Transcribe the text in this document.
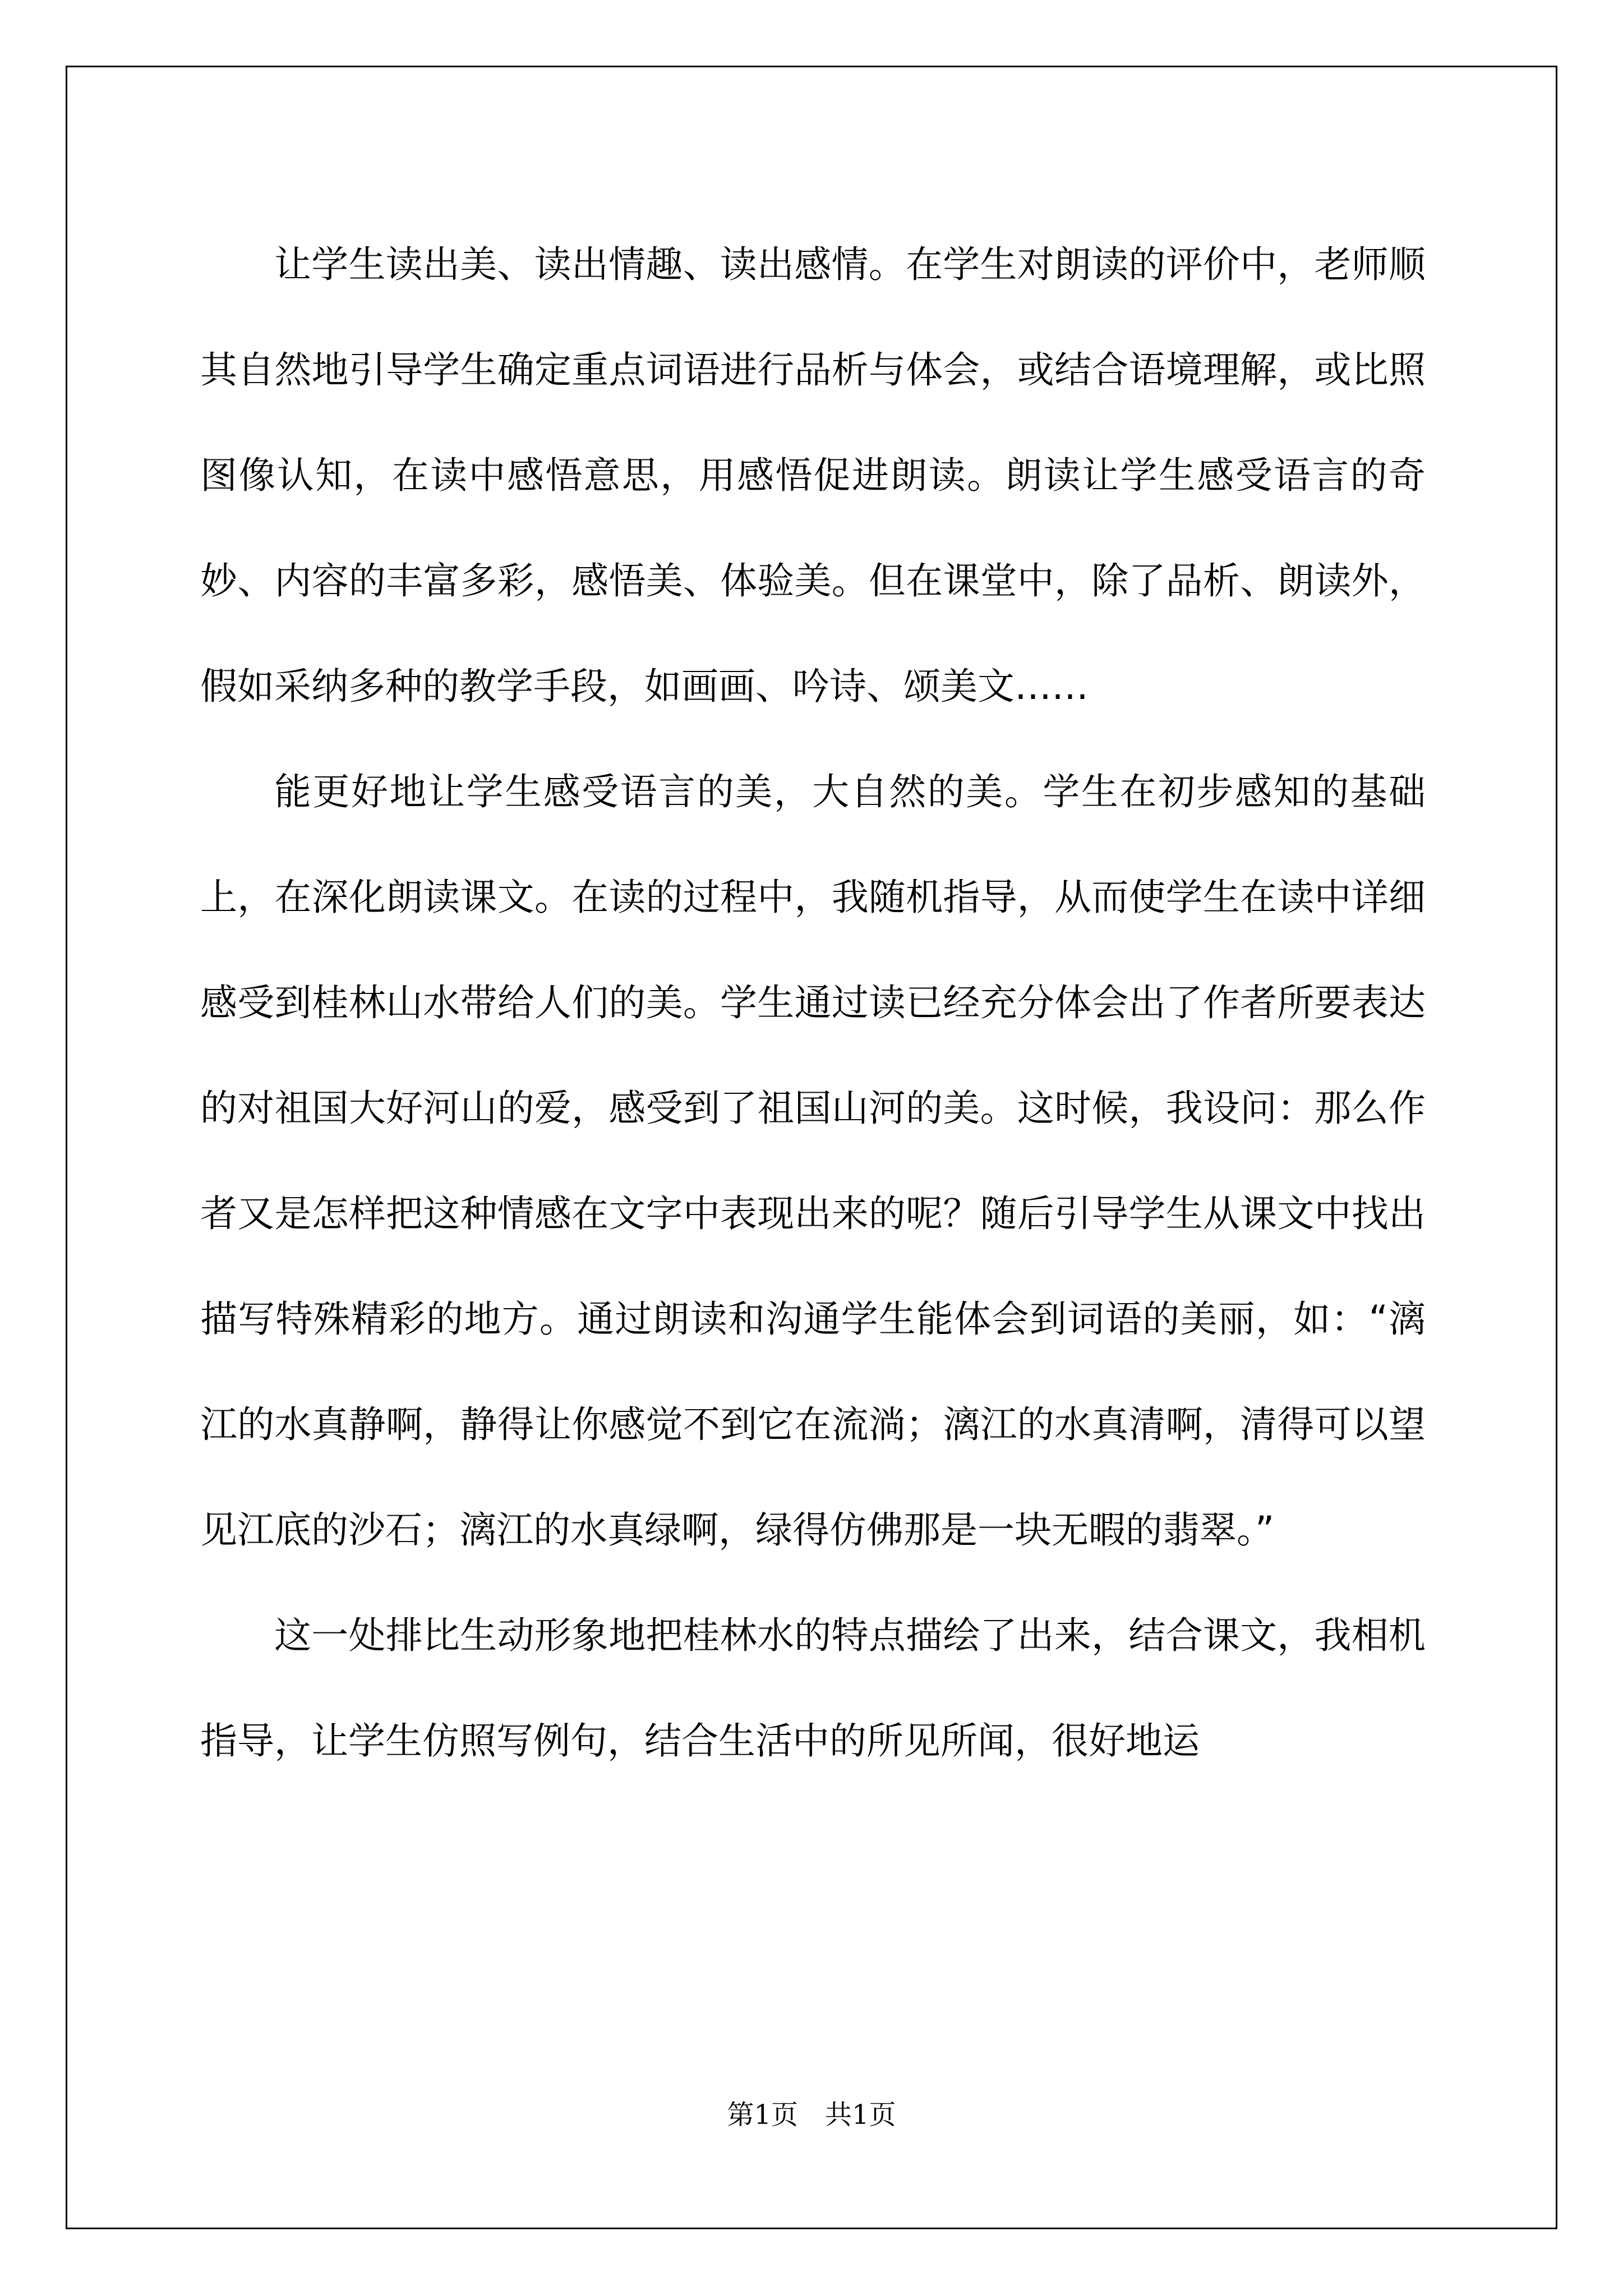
让学生读出美、读出情趣、读出感情。在学生对朗读的评价中，老师顺其自然地引导学生确定重点词语进行品析与体会，或结合语境理解，或比照图像认知，在读中感悟意思，用感悟促进朗读。朗读让学生感受语言的奇妙、内容的丰富多彩，感悟美、体验美。但在课堂中，除了品析、朗读外，假如采纳多种的教学手段，如画画、吟诗、颂美文……

能更好地让学生感受语言的美，大自然的美。学生在初步感知的基础上，在深化朗读课文。在读的过程中，我随机指导，从而使学生在读中详细感受到桂林山水带给人们的美。学生通过读已经充分体会出了作者所要表达的对祖国大好河山的爱，感受到了祖国山河的美。这时候，我设问：那么作者又是怎样把这种情感在文字中表现出来的呢？随后引导学生从课文中找出描写特殊精彩的地方。通过朗读和沟通学生能体会到词语的美丽，如：“漓江的水真静啊，静得让你感觉不到它在流淌；漓江的水真清啊，清得可以望见江底的沙石；漓江的水真绿啊，绿得仿佛那是一块无暇的翡翠。”

这一处排比生动形象地把桂林水的特点描绘了出来，结合课文，我相机指导，让学生仿照写例句，结合生活中的所见所闻，很好地运

第1页 共1页
